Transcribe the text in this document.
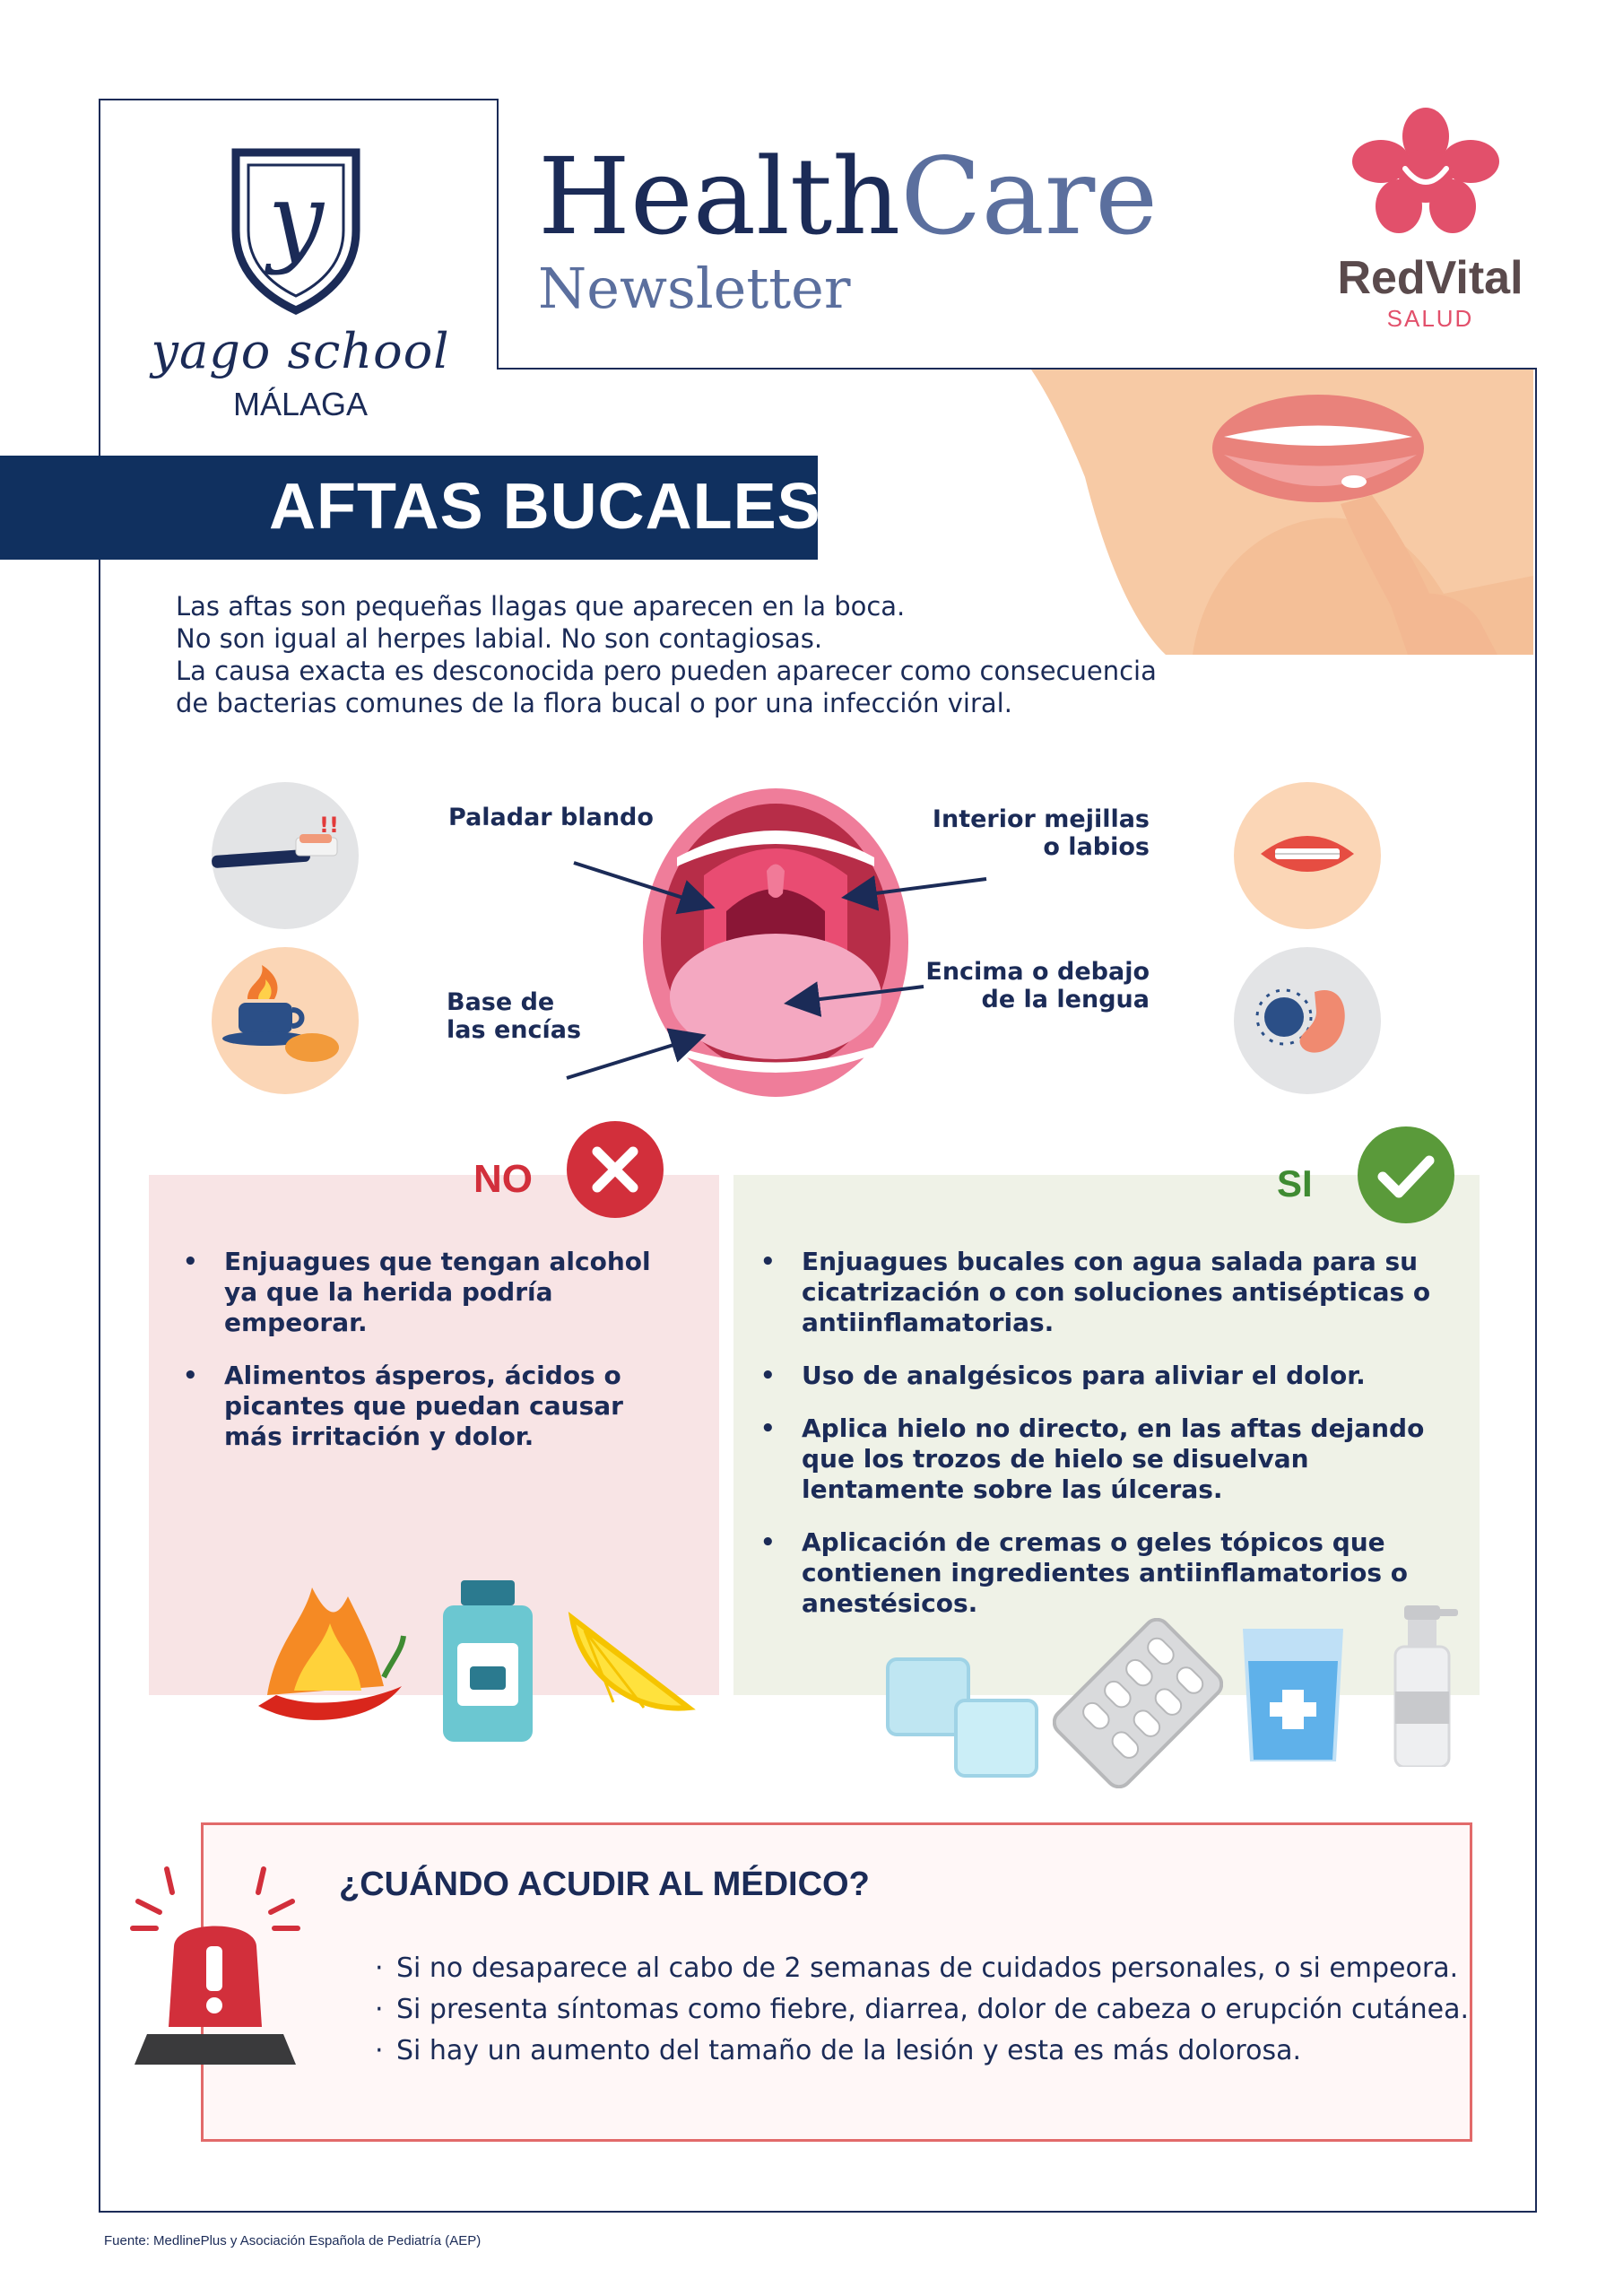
y
yago school
MÁLAGA
HealthCare
Newsletter	RedVital
SALUD
AFTAS BUCALES
Las aftas son pequeñas llagas que aparecen en la boca.
No son igual al herpes labial. No son contagiosas.
La causa exacta es desconocida pero pueden aparecer como consecuencia
de bacterias comunes de la flora bucal o por una infección viral.
!!	Paladar blando
Base de
las encías
Interior mejillas
o labios
Encima o debajo
de la lengua
NO
• Enjuagues que tengan alcohol ya que la herida podría empeorar.
• Alimentos ásperos, ácidos o picantes que puedan causar más irritación y dolor.
SI
• Enjuagues bucales con agua salada para su cicatrización o con soluciones antisépticas o antiinflamatorias.
• Uso de analgésicos para aliviar el dolor.
• Aplica hielo no directo, en las aftas dejando que los trozos de hielo se disuelvan lentamente sobre las úlceras.
• Aplicación de cremas o geles tópicos que contienen ingredientes antiinflamatorios o anestésicos.
¿CUÁNDO ACUDIR AL MÉDICO?
· Si no desaparece al cabo de 2 semanas de cuidados personales, o si empeora.
· Si presenta síntomas como fiebre, diarrea, dolor de cabeza o erupción cutánea.
· Si hay un aumento del tamaño de la lesión y esta es más dolorosa.
Fuente: MedlinePlus y Asociación Española de Pediatría (AEP)
